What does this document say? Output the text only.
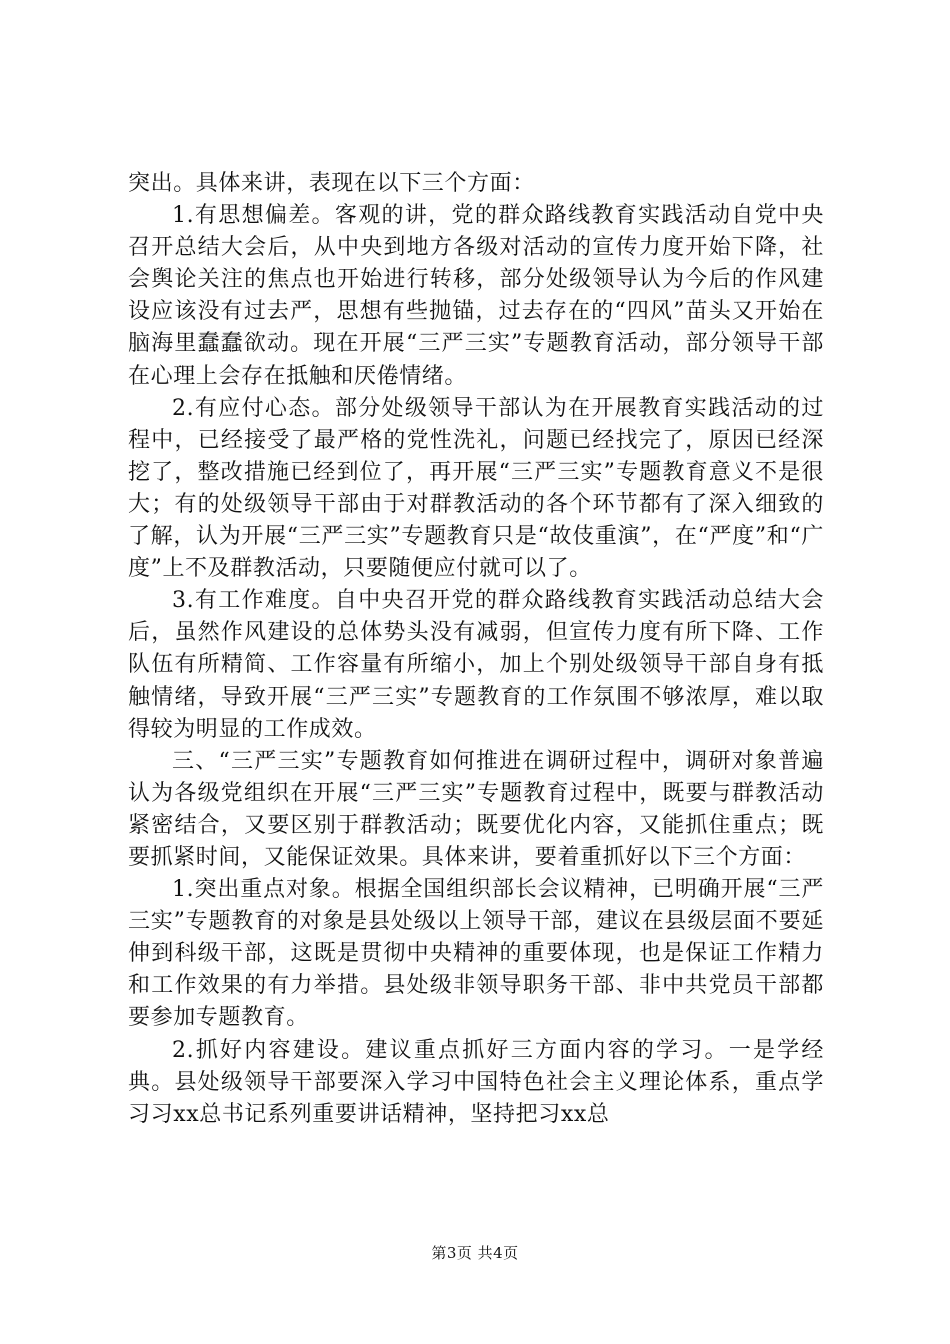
突出。具体来讲，表现在以下三个方面：

1.有思想偏差。客观的讲，党的群众路线教育实践活动自党中央召开总结大会后，从中央到地方各级对活动的宣传力度开始下降，社会舆论关注的焦点也开始进行转移，部分处级领导认为今后的作风建设应该没有过去严，思想有些抛锚，过去存在的“四风”苗头又开始在脑海里蠢蠢欲动。现在开展“三严三实”专题教育活动，部分领导干部在心理上会存在抵触和厌倦情绪。

2.有应付心态。部分处级领导干部认为在开展教育实践活动的过程中，已经接受了最严格的党性洗礼，问题已经找完了，原因已经深挖了，整改措施已经到位了，再开展“三严三实”专题教育意义不是很大；有的处级领导干部由于对群教活动的各个环节都有了深入细致的了解，认为开展“三严三实”专题教育只是“故伎重演”，在“严度”和“广度”上不及群教活动，只要随便应付就可以了。

3.有工作难度。自中央召开党的群众路线教育实践活动总结大会后，虽然作风建设的总体势头没有减弱，但宣传力度有所下降、工作队伍有所精简、工作容量有所缩小，加上个别处级领导干部自身有抵触情绪，导致开展“三严三实”专题教育的工作氛围不够浓厚，难以取得较为明显的工作成效。

三、“三严三实”专题教育如何推进在调研过程中，调研对象普遍认为各级党组织在开展“三严三实”专题教育过程中，既要与群教活动紧密结合，又要区别于群教活动；既要优化内容，又能抓住重点；既要抓紧时间，又能保证效果。具体来讲，要着重抓好以下三个方面：

1.突出重点对象。根据全国组织部长会议精神，已明确开展“三严三实”专题教育的对象是县处级以上领导干部，建议在县级层面不要延伸到科级干部，这既是贯彻中央精神的重要体现，也是保证工作精力和工作效果的有力举措。县处级非领导职务干部、非中共党员干部都要参加专题教育。

2.抓好内容建设。建议重点抓好三方面内容的学习。一是学经典。县处级领导干部要深入学习中国特色社会主义理论体系，重点学习习xx总书记系列重要讲话精神，坚持把习xx总

第3页 共4页
